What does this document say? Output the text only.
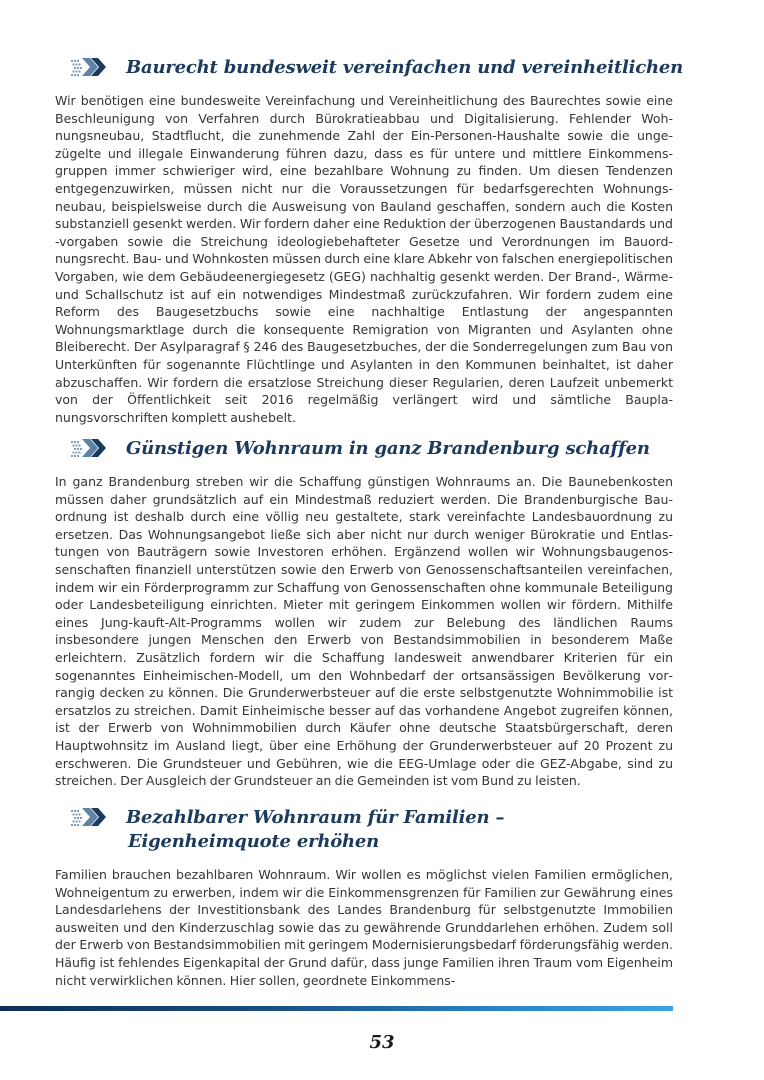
Baurecht bundesweit vereinfachen und vereinheitlichen

Wir benötigen eine bundesweite Vereinfachung und Vereinheitlichung des Baurechtes sowie eine Beschleunigung von Verfahren durch Bürokratieabbau und Digitalisierung. Fehlender Wohnungsneubau, Stadtflucht, die zunehmende Zahl der Ein-Personen-Haushalte sowie die ungezügelte und illegale Einwanderung führen dazu, dass es für untere und mittlere Einkommensgruppen immer schwieriger wird, eine bezahlbare Wohnung zu finden. Um diesen Tendenzen entgegenzuwirken, müssen nicht nur die Voraussetzungen für bedarfsgerechten Wohnungsneubau, beispielsweise durch die Ausweisung von Bauland geschaffen, sondern auch die Kosten substanziell gesenkt werden. Wir fordern daher eine Reduktion der überzogenen Baustandards und -vorgaben sowie die Streichung ideologiebehafteter Gesetze und Verordnungen im Bauordnungsrecht. Bau- und Wohnkosten müssen durch eine klare Abkehr von falschen energiepolitischen Vorgaben, wie dem Gebäudeenergiegesetz (GEG) nachhaltig gesenkt werden. Der Brand-, Wärme- und Schallschutz ist auf ein notwendiges Mindestmaß zurückzufahren. Wir fordern zudem eine Reform des Baugesetzbuchs sowie eine nachhaltige Entlastung der angespannten Wohnungsmarktlage durch die konsequente Remigration von Migranten und Asylanten ohne Bleiberecht. Der Asylparagraf § 246 des Baugesetzbuches, der die Sonderregelungen zum Bau von Unterkünften für sogenannte Flüchtlinge und Asylanten in den Kommunen beinhaltet, ist daher abzuschaffen. Wir fordern die ersatzlose Streichung dieser Regularien, deren Laufzeit unbemerkt von der Öffentlichkeit seit 2016 regelmäßig verlängert wird und sämtliche Bauplanungsvorschriften komplett aushebelt.

Günstigen Wohnraum in ganz Brandenburg schaffen

In ganz Brandenburg streben wir die Schaffung günstigen Wohnraums an. Die Baunebenkosten müssen daher grundsätzlich auf ein Mindestmaß reduziert werden. Die Brandenburgische Bauordnung ist deshalb durch eine völlig neu gestaltete, stark vereinfachte Landesbauordnung zu ersetzen. Das Wohnungsangebot ließe sich aber nicht nur durch weniger Bürokratie und Entlastungen von Bauträgern sowie Investoren erhöhen. Ergänzend wollen wir Wohnungsbaugenossenschaften finanziell unterstützen sowie den Erwerb von Genossenschaftsanteilen vereinfachen, indem wir ein Förderprogramm zur Schaffung von Genossenschaften ohne kommunale Beteiligung oder Landesbeteiligung einrichten. Mieter mit geringem Einkommen wollen wir fördern. Mithilfe eines Jung-kauft-Alt-Programms wollen wir zudem zur Belebung des ländlichen Raums insbesondere jungen Menschen den Erwerb von Bestandsimmobilien in besonderem Maße erleichtern. Zusätzlich fordern wir die Schaffung landesweit anwendbarer Kriterien für ein sogenanntes Einheimischen-Modell, um den Wohnbedarf der ortsansässigen Bevölkerung vorrangig decken zu können. Die Grunderwerbsteuer auf die erste selbstgenutzte Wohnimmobilie ist ersatzlos zu streichen. Damit Einheimische besser auf das vorhandene Angebot zugreifen können, ist der Erwerb von Wohnimmobilien durch Käufer ohne deutsche Staatsbürgerschaft, deren Hauptwohnsitz im Ausland liegt, über eine Erhöhung der Grunderwerbsteuer auf 20 Prozent zu erschweren. Die Grundsteuer und Gebühren, wie die EEG-Umlage oder die GEZ-Abgabe, sind zu streichen. Der Ausgleich der Grundsteuer an die Gemeinden ist vom Bund zu leisten.

Bezahlbarer Wohnraum für Familien –
Eigenheimquote erhöhen

Familien brauchen bezahlbaren Wohnraum. Wir wollen es möglichst vielen Familien ermöglichen, Wohneigentum zu erwerben, indem wir die Einkommensgrenzen für Familien zur Gewährung eines Landesdarlehens der Investitionsbank des Landes Brandenburg für selbstgenutzte Immobilien ausweiten und den Kinderzuschlag sowie das zu gewährende Grunddarlehen erhöhen. Zudem soll der Erwerb von Bestandsimmobilien mit geringem Modernisierungsbedarf förderungsfähig werden. Häufig ist fehlendes Eigenkapital der Grund dafür, dass junge Familien ihren Traum vom Eigenheim nicht verwirklichen können. Hier sollen, geordnete Einkommens-

53
